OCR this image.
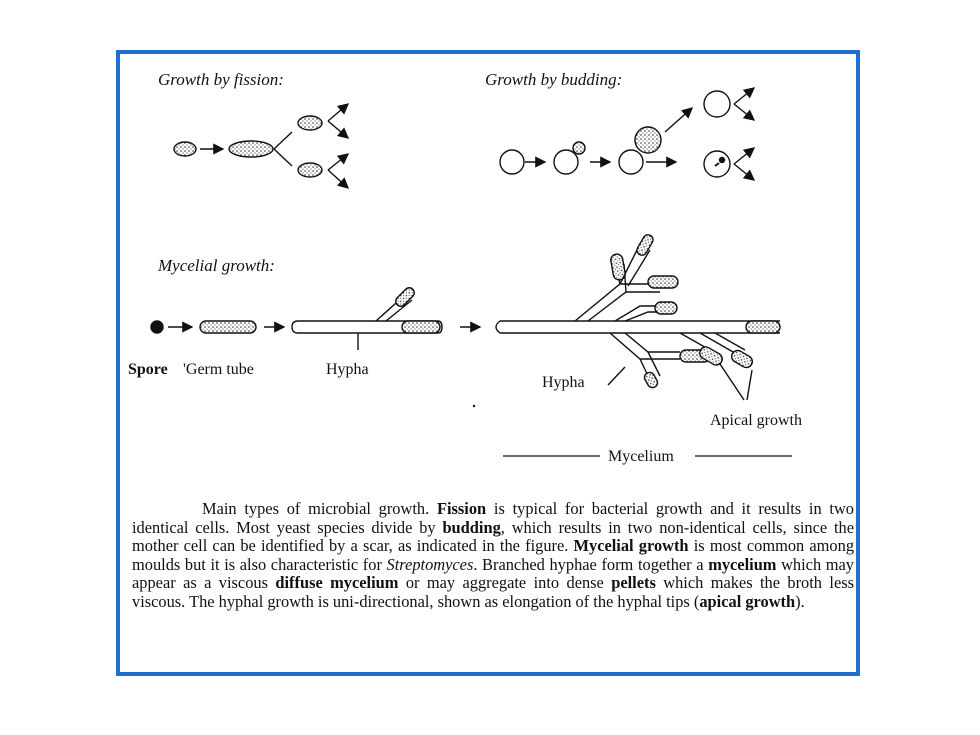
Growth by fission:	Growth by budding:
Mycelial growth:
Spore 'Germ tube	Hypha
Hypha
Apical growth
Mycelium

Main types of microbial growth. Fission is typical for bacterial growth and it results in two identical cells. Most yeast species divide by budding, which results in two non-identical cells, since the mother cell can be identified by a scar, as indicated in the figure. Mycelial growth is most common among moulds but it is also characteristic for Streptomyces. Branched hyphae form together a mycelium which may appear as a viscous diffuse mycelium or may aggregate into dense pellets which makes the broth less viscous. The hyphal growth is uni-directional, shown as elongation of the hyphal tips (apical growth).
